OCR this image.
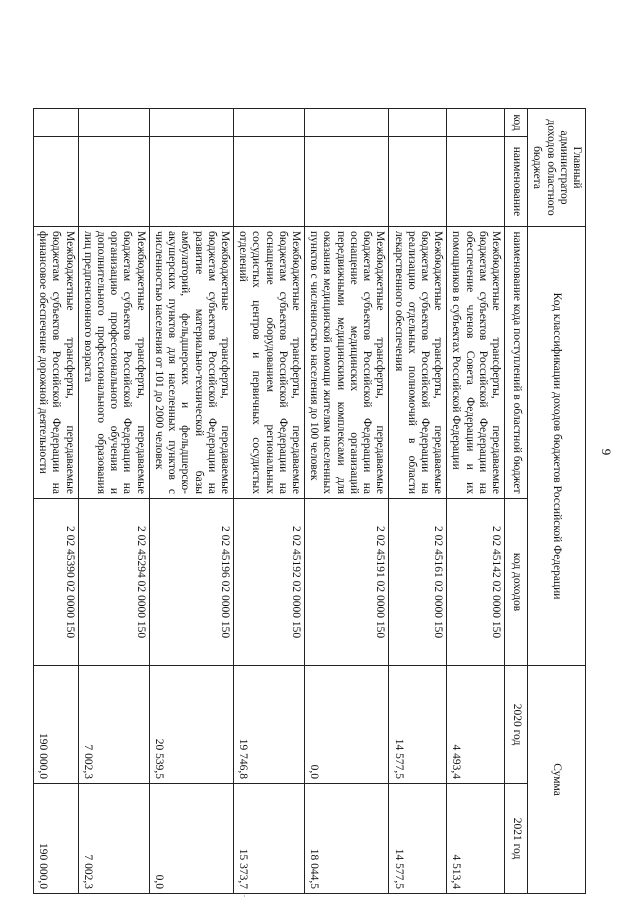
9
Главный администратор доходов областного бюджета		Код классификации доходов бюджетов Российской Федерации		Сумма	
код	наименование	наименование кода поступлений в областной бюджет	код доходов	2020 год	2021 год
		Межбюджетные трансферты, передаваемые бюджетам субъектов Российской Федерации на обеспечение членов Совета Федерации и их помощников в субъектах Российской Федерации	2 02 45142 02 0000 150	4 493,4	4 513,4
		Межбюджетные трансферты, передаваемые бюджетам субъектов Российской Федерации на реализацию отдельных полномочий в области лекарственного обеспечения	2 02 45161 02 0000 150	14 577,5	14 577,5
		Межбюджетные трансферты, передаваемые бюджетам субъектов Российской Федерации на оснащение медицинских организаций передвижными медицинскими комплексами для оказания медицинской помощи жителям населенных пунктов с численностью населения до 100 человек	2 02 45191 02 0000 150	0,0	18 044,5
		Межбюджетные трансферты, передаваемые бюджетам субъектов Российской Федерации на оснащение оборудованием региональных сосудистых центров и первичных сосудистых отделений	2 02 45192 02 0000 150	19 746,8	15 373,7
		Межбюджетные трансферты, передаваемые бюджетам субъектов Российской Федерации на развитие материально-технической базы амбулаторий, фельдшерских и фельдшерско-акушерских пунктов для населенных пунктов с численностью населения от 101 до 2000 человек	2 02 45196 02 0000 150	20 539,5	0,0
		Межбюджетные трансферты, передаваемые бюджетам субъектов Российской Федерации на организацию профессионального обучения и дополнительного профессионального образования лиц предпенсионного возраста	2 02 45294 02 0000 150	7 002,3	7 002,3
		Межбюджетные трансферты, передаваемые бюджетам субъектов Российской Федерации на финансовое обеспечение дорожной деятельности	2 02 45390 02 0000 150	190 000,0	190 000,0
·
